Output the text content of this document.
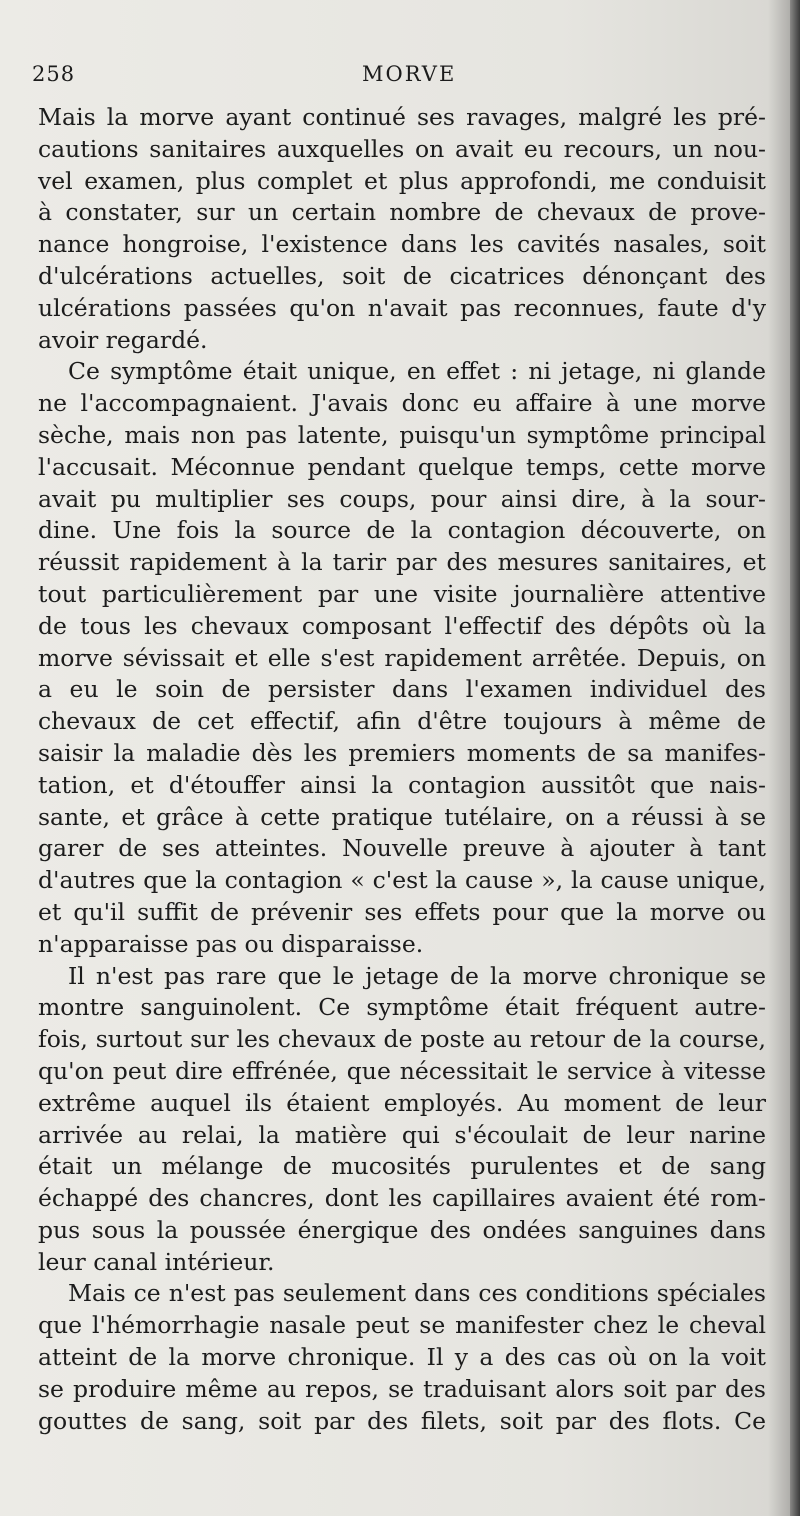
258	MORVE
Mais la morve ayant continué ses ravages, malgré les pré-
cautions sanitaires auxquelles on avait eu recours, un nou-
vel examen, plus complet et plus approfondi, me conduisit
à constater, sur un certain nombre de chevaux de prove-
nance hongroise, l'existence dans les cavités nasales, soit
d'ulcérations actuelles, soit de cicatrices dénonçant des
ulcérations passées qu'on n'avait pas reconnues, faute d'y
avoir regardé.
Ce symptôme était unique, en effet : ni jetage, ni glande
ne l'accompagnaient. J'avais donc eu affaire à une morve
sèche, mais non pas latente, puisqu'un symptôme principal
l'accusait. Méconnue pendant quelque temps, cette morve
avait pu multiplier ses coups, pour ainsi dire, à la sour-
dine. Une fois la source de la contagion découverte, on
réussit rapidement à la tarir par des mesures sanitaires, et
tout particulièrement par une visite journalière attentive
de tous les chevaux composant l'effectif des dépôts où la
morve sévissait et elle s'est rapidement arrêtée. Depuis, on
a eu le soin de persister dans l'examen individuel des
chevaux de cet effectif, afin d'être toujours à même de
saisir la maladie dès les premiers moments de sa manifes-
tation, et d'étouffer ainsi la contagion aussitôt que nais-
sante, et grâce à cette pratique tutélaire, on a réussi à se
garer de ses atteintes. Nouvelle preuve à ajouter à tant
d'autres que la contagion « c'est la cause », la cause unique,
et qu'il suffit de prévenir ses effets pour que la morve ou
n'apparaisse pas ou disparaisse.
Il n'est pas rare que le jetage de la morve chronique se
montre sanguinolent. Ce symptôme était fréquent autre-
fois, surtout sur les chevaux de poste au retour de la course,
qu'on peut dire effrénée, que nécessitait le service à vitesse
extrême auquel ils étaient employés. Au moment de leur
arrivée au relai, la matière qui s'écoulait de leur narine
était un mélange de mucosités purulentes et de sang
échappé des chancres, dont les capillaires avaient été rom-
pus sous la poussée énergique des ondées sanguines dans
leur canal intérieur.
Mais ce n'est pas seulement dans ces conditions spéciales
que l'hémorrhagie nasale peut se manifester chez le cheval
atteint de la morve chronique. Il y a des cas où on la voit
se produire même au repos, se traduisant alors soit par des
gouttes de sang, soit par des filets, soit par des flots. Ce
